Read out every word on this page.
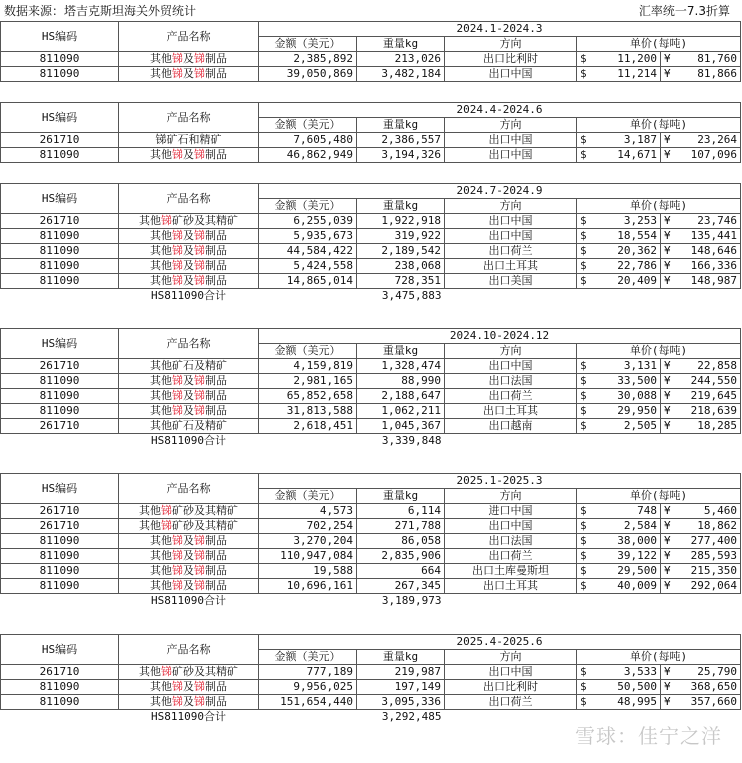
数据来源：塔吉克斯坦海关外贸统计	汇率统一7.3折算
HS编码	产品名称	2024.1-2024.3						
		金额（美元）	重量kg	方向	单价(每吨)			
811090	其他锑及锑制品	2,385,892	213,026	出口比利时	$	11,200	¥	81,760
811090	其他锑及锑制品	39,050,869	3,482,184	出口中国	$	11,214	¥	81,866

HS编码	产品名称	2024.4-2024.6						
		金额（美元）	重量kg	方向	单价(每吨)			
261710	锑矿石和精矿	7,605,480	2,386,557	出口中国	$	3,187	¥	23,264
811090	其他锑及锑制品	46,862,949	3,194,326	出口中国	$	14,671	¥	107,096

HS编码	产品名称	2024.7-2024.9						
		金额（美元）	重量kg	方向	单价(每吨)			
261710	其他锑矿砂及其精矿	6,255,039	1,922,918	出口中国	$	3,253	¥	23,746
811090	其他锑及锑制品	5,935,673	319,922	出口中国	$	18,554	¥	135,441
811090	其他锑及锑制品	44,584,422	2,189,542	出口荷兰	$	20,362	¥	148,646
811090	其他锑及锑制品	5,424,558	238,068	出口土耳其	$	22,786	¥	166,336
811090	其他锑及锑制品	14,865,014	728,351	出口美国	$	20,409	¥	148,987
	HS811090合计		3,475,883					
HS编码	产品名称	2024.10-2024.12						
		金额（美元）	重量kg	方向	单价(每吨)			
261710	其他矿石及精矿	4,159,819	1,328,474	出口中国	$	3,131	¥	22,858
811090	其他锑及锑制品	2,981,165	88,990	出口法国	$	33,500	¥	244,550
811090	其他锑及锑制品	65,852,658	2,188,647	出口荷兰	$	30,088	¥	219,645
811090	其他锑及锑制品	31,813,588	1,062,211	出口土耳其	$	29,950	¥	218,639
261710	其他矿石及精矿	2,618,451	1,045,367	出口越南	$	2,505	¥	18,285
	HS811090合计		3,339,848					
HS编码	产品名称	2025.1-2025.3						
		金额（美元）	重量kg	方向	单价(每吨)			
261710	其他锑矿砂及其精矿	4,573	6,114	进口中国	$	748	¥	5,460
261710	其他锑矿砂及其精矿	702,254	271,788	出口中国	$	2,584	¥	18,862
811090	其他锑及锑制品	3,270,204	86,058	出口法国	$	38,000	¥	277,400
811090	其他锑及锑制品	110,947,084	2,835,906	出口荷兰	$	39,122	¥	285,593
811090	其他锑及锑制品	19,588	664	出口土库曼斯坦	$	29,500	¥	215,350
811090	其他锑及锑制品	10,696,161	267,345	出口土耳其	$	40,009	¥	292,064
	HS811090合计		3,189,973					
HS编码	产品名称	2025.4-2025.6						
		金额（美元）	重量kg	方向	单价(每吨)			
261710	其他锑矿砂及其精矿	777,189	219,987	出口中国	$	3,533	¥	25,790
811090	其他锑及锑制品	9,956,025	197,149	出口比利时	$	50,500	¥	368,650
811090	其他锑及锑制品	151,654,440	3,095,336	出口荷兰	$	48,995	¥	357,660
	HS811090合计		3,292,485					
雪球：佳宁之洋
